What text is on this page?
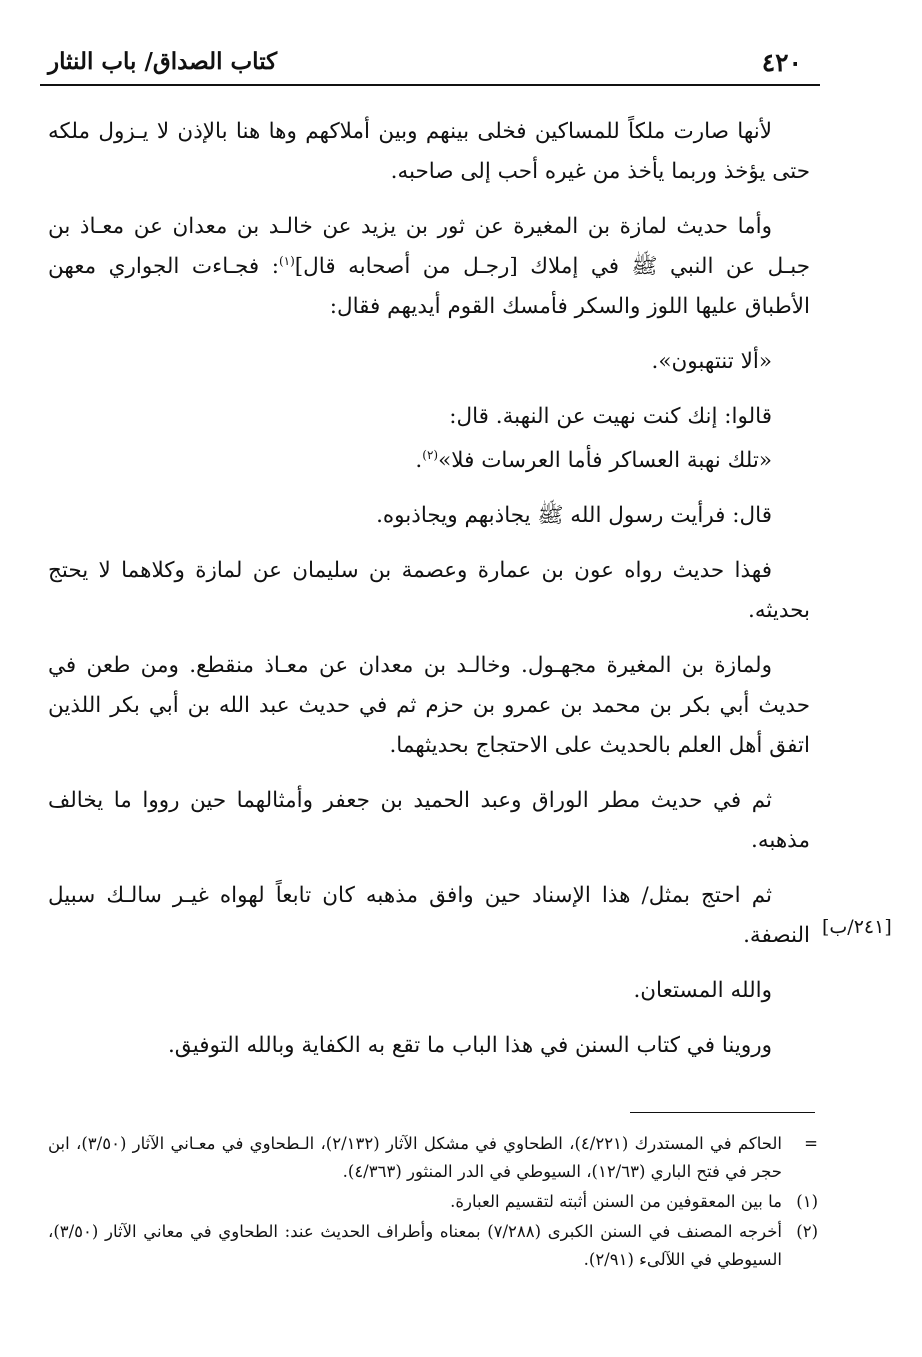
٤٢٠
كتاب الصداق/ باب النثار

لأنها صارت ملكاً للمساكين فخلى بينهم وبين أملاكهم وها هنا بالإذن لا يـزول ملكه حتى يؤخذ وربما يأخذ من غيره أحب إلى صاحبه.

وأما حديث لمازة بن المغيرة عن ثور بن يزيد عن خالـد بن معدان عن معـاذ بن جبـل عن النبي ﷺ في إملاك [رجـل من أصحابه قال]$^{(١)}$: فجـاءت الجواري معهن الأطباق عليها اللوز والسكر فأمسك القوم أيديهم فقال:

«ألا تنتهبون».

قالوا: إنك كنت نهيت عن النهبة. قال:

«تلك نهبة العساكر فأما العرسات فلا»$^{(٢)}$.

قال: فرأيت رسول الله ﷺ يجاذبهم ويجاذبوه.

فهذا حديث رواه عون بن عمارة وعصمة بن سليمان عن لمازة وكلاهما لا يحتج بحديثه.

ولمازة بن المغيرة مجهـول. وخالـد بن معدان عن معـاذ منقطع. ومن طعن في حديث أبي بكر بن محمد بن عمرو بن حزم ثم في حديث عبد الله بن أبي بكر اللذين اتفق أهل العلم بالحديث على الاحتجاج بحديثهما.

ثم في حديث مطر الوراق وعبد الحميد بن جعفر وأمثالهما حين رووا ما يخالف مذهبه.

ثم احتج بمثل/ هذا الإسناد حين وافق مذهبه كان تابعاً لهواه غيـر سالـك سبيل النصفة.

والله المستعان.

وروينا في كتاب السنن في هذا الباب ما تقع به الكفاية وبالله التوفيق.

[٢٤١/ب]
=
الحاكم في المستدرك (٤/٢٢١)، الطحاوي في مشكل الآثار (٢/١٣٢)، الـطحاوي في معـاني الآثار (٣/٥٠)، ابن حجر في فتح الباري (١٢/٦٣)، السيوطي في الدر المنثور (٤/٣٦٣).
(١)
ما بين المعقوفين من السنن أثبته لتقسيم العبارة.
(٢)
أخرجه المصنف في السنن الكبرى (٧/٢٨٨) بمعناه وأطراف الحديث عند: الطحاوي في معاني الآثار (٣/٥٠)، السيوطي في اللآلىء (٢/٩١).
